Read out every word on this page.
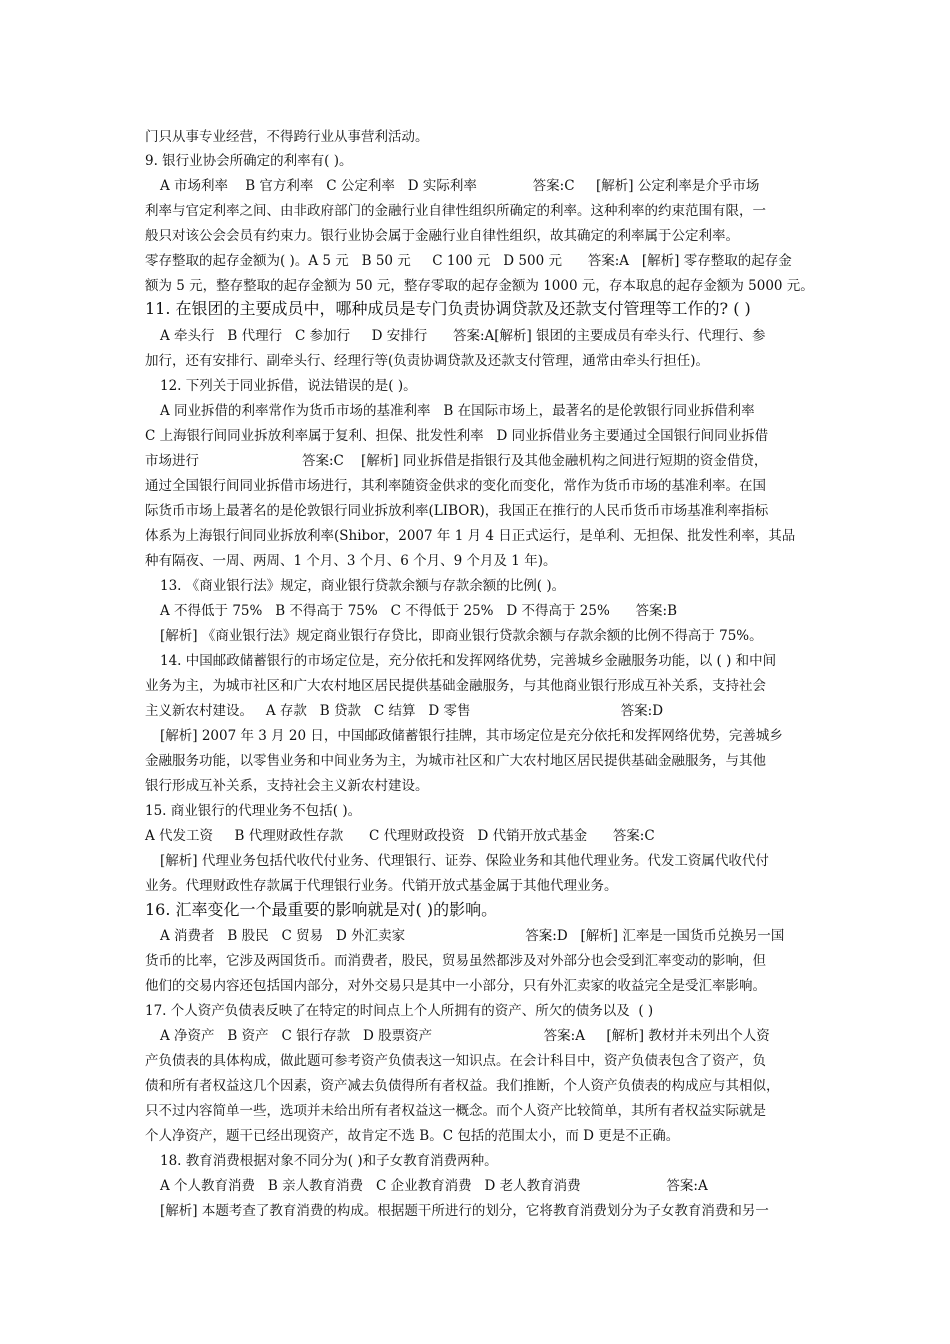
门只从事专业经营，不得跨行业从事营利活动。
9. 银行业协会所确定的利率有( )。
A 市场利率    B 官方利率   C 公定利率   D 实际利率             答案:C     [解析] 公定利率是介乎市场
利率与官定利率之间、由非政府部门的金融行业自律性组织所确定的利率。这种利率的约束范围有限，一
般只对该公会会员有约束力。银行业协会属于金融行业自律性组织，故其确定的利率属于公定利率。
零存整取的起存金额为( )。A 5 元   B 50 元     C 100 元   D 500 元      答案:A   [解析] 零存整取的起存金
额为 5 元，整存整取的起存金额为 50 元，整存零取的起存金额为 1000 元，存本取息的起存金额为 5000 元。
11. 在银团的主要成员中，哪种成员是专门负责协调贷款及还款支付管理等工作的? ( )
A 牵头行   B 代理行   C 参加行     D 安排行      答案:A[解析] 银团的主要成员有牵头行、代理行、参
加行，还有安排行、副牵头行、经理行等(负责协调贷款及还款支付管理，通常由牵头行担任)。
12. 下列关于同业拆借，说法错误的是( )。
A 同业拆借的利率常作为货币市场的基准利率   B 在国际市场上，最著名的是伦敦银行同业拆借利率
C 上海银行间同业拆放利率属于复利、担保、批发性利率   D 同业拆借业务主要通过全国银行间同业拆借
市场进行                        答案:C    [解析] 同业拆借是指银行及其他金融机构之间进行短期的资金借贷，
通过全国银行间同业拆借市场进行，其利率随资金供求的变化而变化，常作为货币市场的基准利率。在国
际货币市场上最著名的是伦敦银行同业拆放利率(LIBOR)，我国正在推行的人民币货币市场基准利率指标
体系为上海银行间同业拆放利率(Shibor，2007 年 1 月 4 日正式运行，是单利、无担保、批发性利率，其品
种有隔夜、一周、两周、1 个月、3 个月、6 个月、9 个月及 1 年)。
13. 《商业银行法》规定，商业银行贷款余额与存款余额的比例( )。
A 不得低于 75%   B 不得高于 75%   C 不得低于 25%   D 不得高于 25%      答案:B
[解析] 《商业银行法》规定商业银行存贷比，即商业银行贷款余额与存款余额的比例不得高于 75%。
14. 中国邮政储蓄银行的市场定位是，充分依托和发挥网络优势，完善城乡金融服务功能，以 ( ) 和中间
业务为主，为城市社区和广大农村地区居民提供基础金融服务，与其他商业银行形成互补关系，支持社会
主义新农村建设。   A 存款   B 贷款   C 结算   D 零售                                   答案:D
[解析] 2007 年 3 月 20 日，中国邮政储蓄银行挂牌，其市场定位是充分依托和发挥网络优势，完善城乡
金融服务功能，以零售业务和中间业务为主，为城市社区和广大农村地区居民提供基础金融服务，与其他
银行形成互补关系，支持社会主义新农村建设。
15. 商业银行的代理业务不包括( )。
A 代发工资     B 代理财政性存款      C 代理财政投资   D 代销开放式基金      答案:C
[解析] 代理业务包括代收代付业务、代理银行、证券、保险业务和其他代理业务。代发工资属代收代付
业务。代理财政性存款属于代理银行业务。代销开放式基金属于其他代理业务。
16. 汇率变化一个最重要的影响就是对( )的影响。
A 消费者   B 股民   C 贸易   D 外汇卖家                            答案:D   [解析] 汇率是一国货币兑换另一国
货币的比率，它涉及两国货币。而消费者，股民，贸易虽然都涉及对外部分也会受到汇率变动的影响，但
他们的交易内容还包括国内部分，对外交易只是其中一小部分，只有外汇卖家的收益完全是受汇率影响。
17. 个人资产负债表反映了在特定的时间点上个人所拥有的资产、所欠的债务以及  ( )
A 净资产   B 资产   C 银行存款   D 股票资产                          答案:A     [解析] 教材并未列出个人资
产负债表的具体构成，做此题可参考资产负债表这一知识点。在会计科目中，资产负债表包含了资产，负
债和所有者权益这几个因素，资产减去负债得所有者权益。我们推断，个人资产负债表的构成应与其相似，
只不过内容简单一些，选项并未给出所有者权益这一概念。而个人资产比较简单，其所有者权益实际就是
个人净资产，题干已经出现资产，故肯定不选 B。C 包括的范围太小，而 D 更是不正确。
18. 教育消费根据对象不同分为( )和子女教育消费两种。
A 个人教育消费   B 亲人教育消费   C 企业教育消费   D 老人教育消费                    答案:A
[解析] 本题考查了教育消费的构成。根据题干所进行的划分，它将教育消费划分为子女教育消费和另一
